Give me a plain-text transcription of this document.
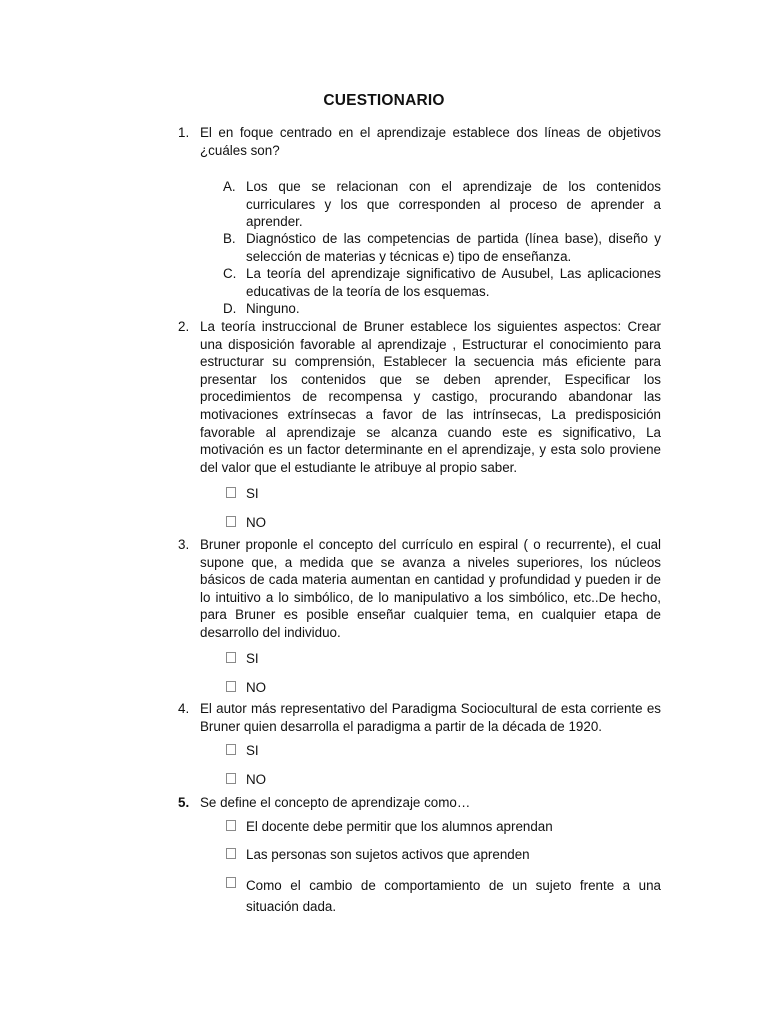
CUESTIONARIO
1. El en foque centrado en el aprendizaje establece dos líneas de objetivos ¿cuáles son?
A. Los que se relacionan con el aprendizaje de los contenidos curriculares y los que corresponden al proceso de aprender a aprender.
B. Diagnóstico de las competencias de partida (línea base), diseño y selección de materias y técnicas e) tipo de enseñanza.
C. La teoría del aprendizaje significativo de Ausubel, Las aplicaciones educativas de la teoría de los esquemas.
D. Ninguno.
2. La teoría instruccional de Bruner establece los siguientes aspectos: Crear una disposición favorable al aprendizaje , Estructurar el conocimiento para estructurar su comprensión, Establecer la secuencia más eficiente para presentar los contenidos que se deben aprender, Especificar los procedimientos de recompensa y castigo, procurando abandonar las motivaciones extrínsecas a favor de las intrínsecas, La predisposición favorable al aprendizaje se alcanza cuando este es significativo, La motivación es un factor determinante en el aprendizaje, y esta solo proviene del valor que el estudiante le atribuye al propio saber.
SI
NO
3. Bruner proponle el concepto del currículo en espiral ( o recurrente), el cual supone que, a medida que se avanza a niveles superiores, los núcleos básicos de cada materia aumentan en cantidad y profundidad y pueden ir de lo intuitivo a lo simbólico, de lo manipulativo a los simbólico, etc..De hecho, para Bruner es posible enseñar cualquier tema, en cualquier etapa de desarrollo del individuo.
SI
NO
4. El autor más representativo del Paradigma Sociocultural de esta corriente es Bruner quien desarrolla el paradigma a partir de la década de 1920.
SI
NO
5. Se define el concepto de aprendizaje como…
El docente debe permitir que los alumnos aprendan
Las personas son sujetos activos que aprenden
Como el cambio de comportamiento de un sujeto frente a una situación dada.
